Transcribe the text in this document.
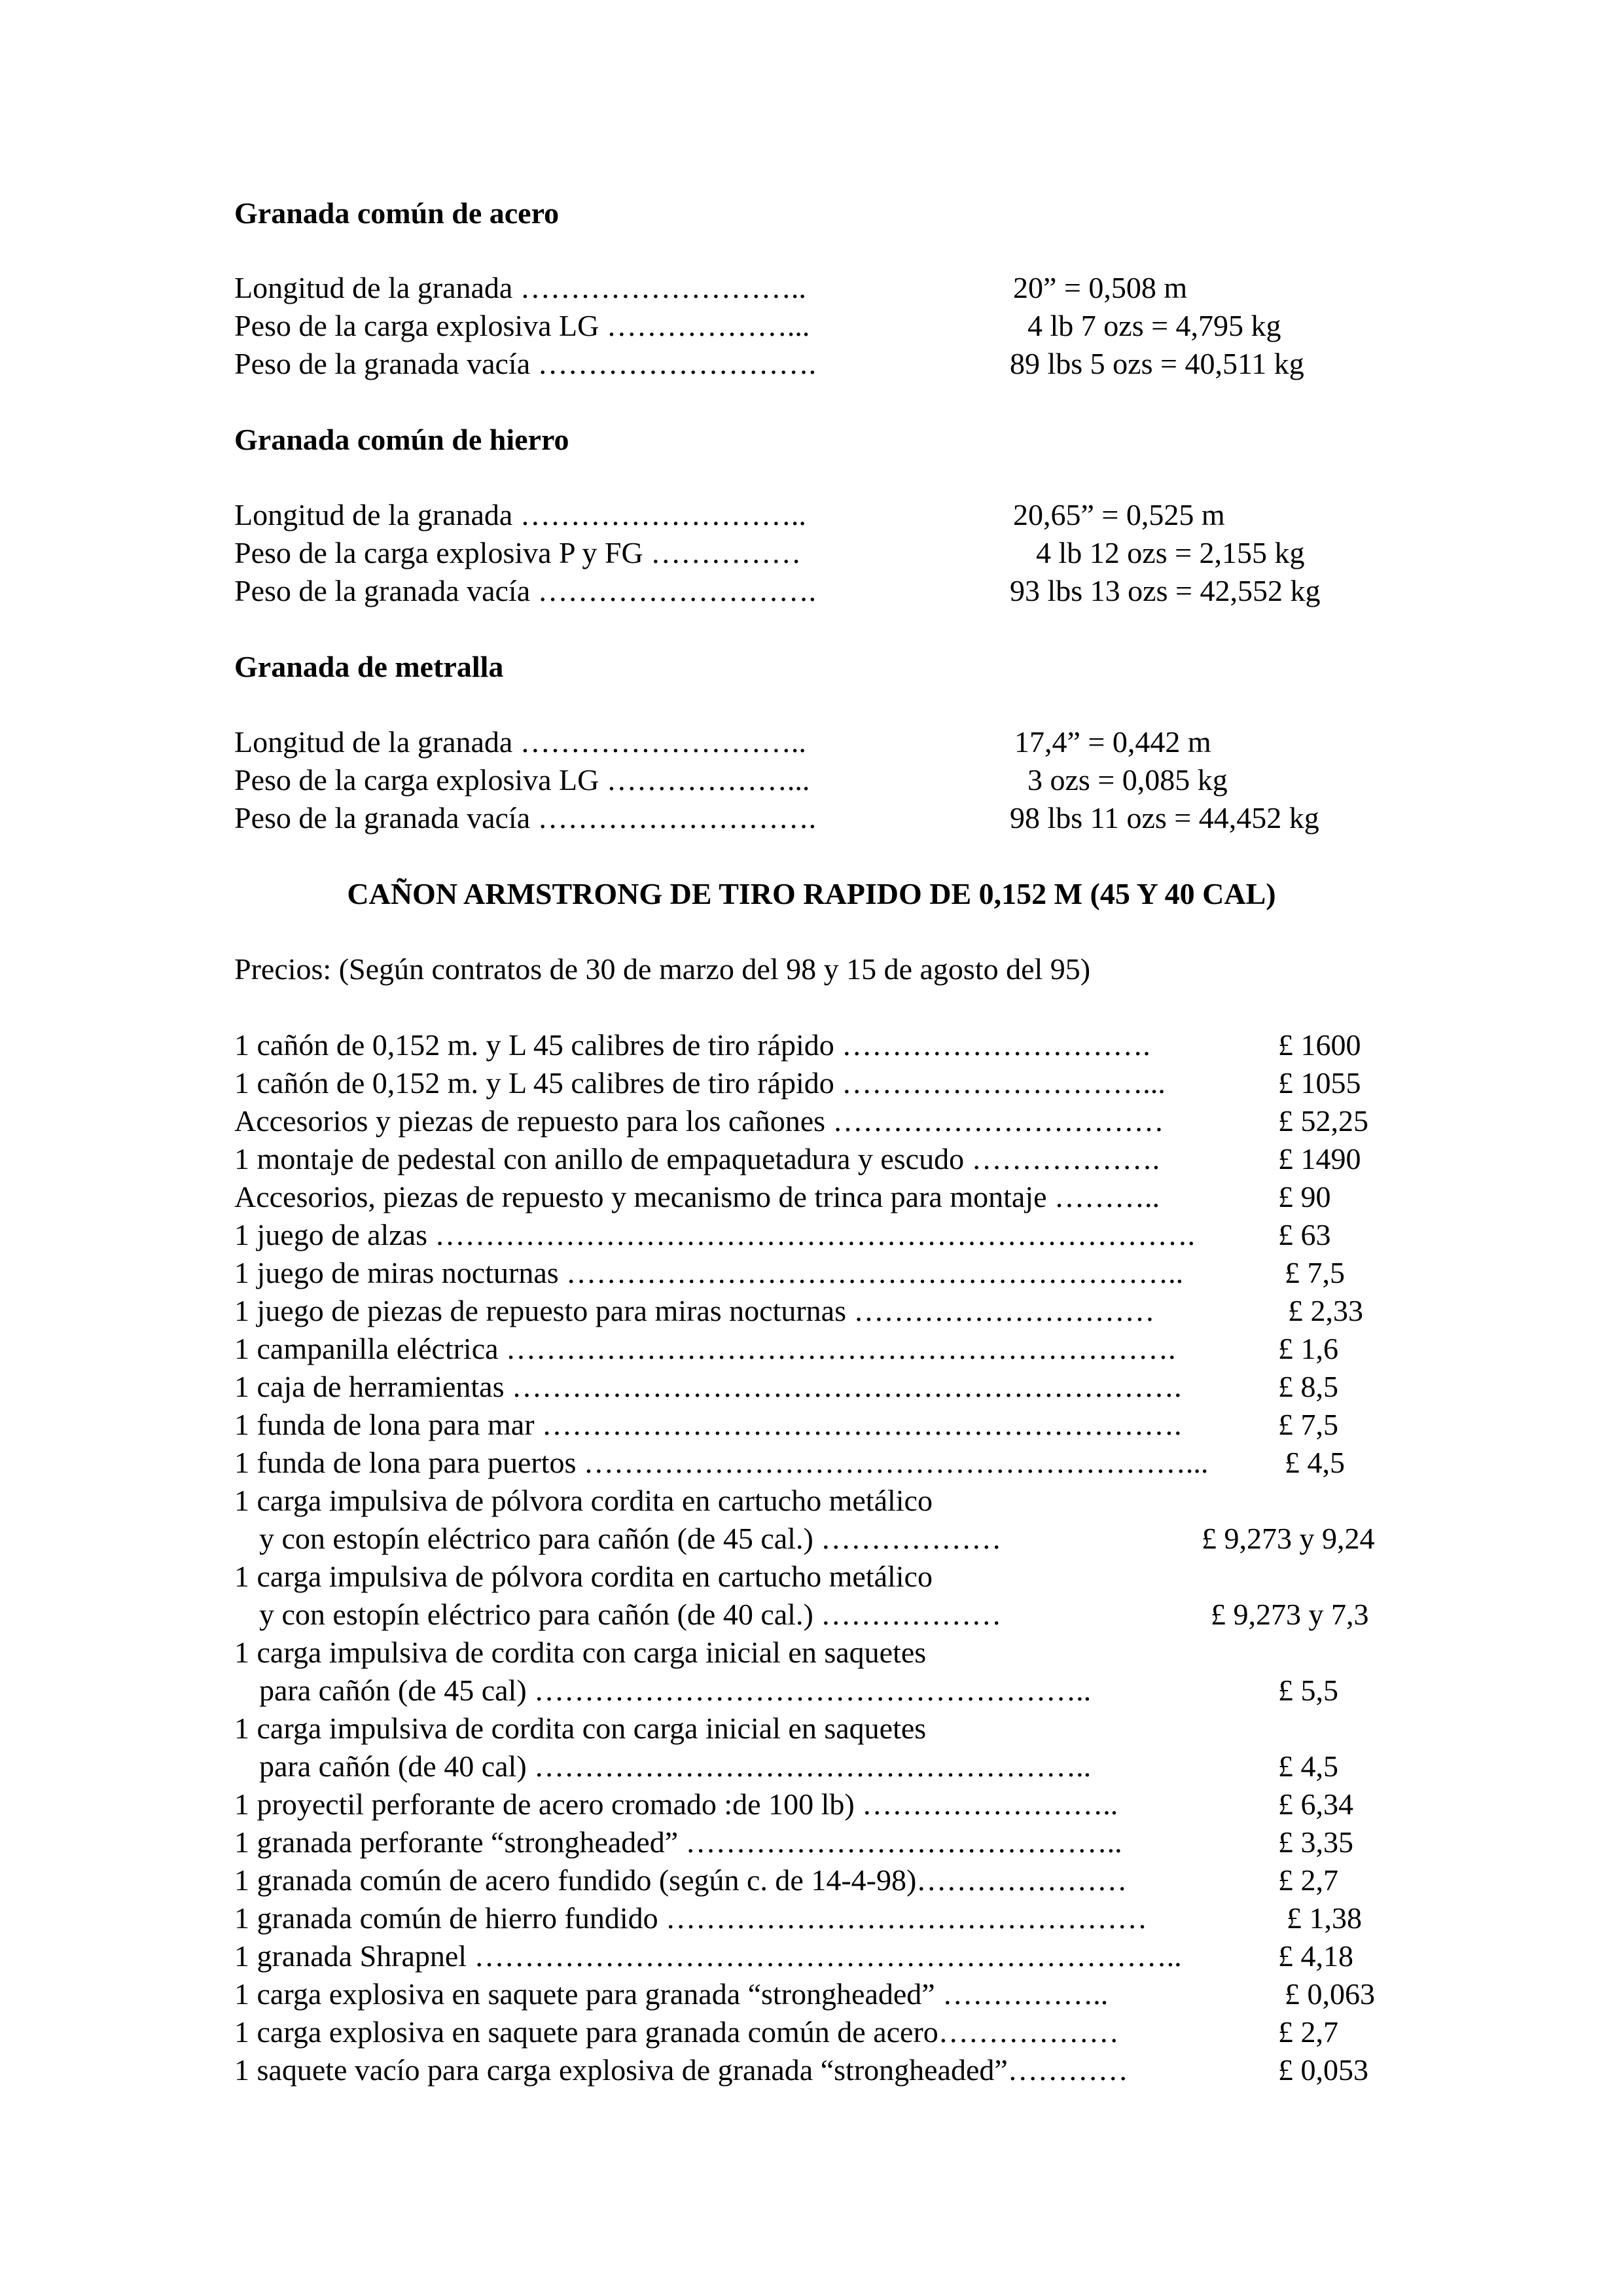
Granada común de acero
Longitud de la granada ………………………..	20” = 0,508 m
Peso de la carga explosiva LG ………………...	4 lb 7 ozs = 4,795 kg
Peso de la granada vacía ……………………….	89 lbs 5 ozs = 40,511 kg
Granada común de hierro
Longitud de la granada ………………………..	20,65” = 0,525 m
Peso de la carga explosiva P y FG ……………	4 lb 12 ozs = 2,155 kg
Peso de la granada vacía ……………………….	93 lbs 13 ozs = 42,552 kg
Granada de metralla
Longitud de la granada ………………………..	17,4” = 0,442 m
Peso de la carga explosiva LG ………………...	3 ozs = 0,085 kg
Peso de la granada vacía ……………………….	98 lbs 11 ozs = 44,452 kg
CAÑON ARMSTRONG DE TIRO RAPIDO DE 0,152 M (45 Y 40 CAL)
Precios: (Según contratos de 30 de marzo del 98 y 15 de agosto del 95)
1 cañón de 0,152 m. y L 45 calibres de tiro rápido ………………………….	£ 1600
1 cañón de 0,152 m. y L 45 calibres de tiro rápido …………………………...	£ 1055
Accesorios y piezas de repuesto para los cañones ……………………………	£ 52,25
1 montaje de pedestal con anillo de empaquetadura y escudo ……………….	£ 1490
Accesorios, piezas de repuesto y mecanismo de trinca para montaje ………..	£ 90
1 juego de alzas ………………………………………………………………….	£ 63
1 juego de miras nocturnas ……………………………………………………..	£ 7,5
1 juego de piezas de repuesto para miras nocturnas …………………………	£ 2,33
1 campanilla eléctrica ………………………………………………………….	£ 1,6
1 caja de herramientas ………………………………………………………….	£ 8,5
1 funda de lona para mar ……………………………………………………….	£ 7,5
1 funda de lona para puertos ……………………………………………………...	£ 4,5
1 carga impulsiva de pólvora cordita en cartucho metálico
y con estopín eléctrico para cañón (de 45 cal.) ………………	£ 9,273 y 9,24
1 carga impulsiva de pólvora cordita en cartucho metálico
y con estopín eléctrico para cañón (de 40 cal.) ………………	£ 9,273 y 7,3
1 carga impulsiva de cordita con carga inicial en saquetes
para cañón (de 45 cal) ………………………………………………..	£ 5,5
1 carga impulsiva de cordita con carga inicial en saquetes
para cañón (de 40 cal) ………………………………………………..	£ 4,5
1 proyectil perforante de acero cromado :de 100 lb) ……………………..	£ 6,34
1 granada perforante “strongheaded” ……………………………………..	£ 3,35
1 granada común de acero fundido (según c. de 14-4-98)…………………	£ 2,7
1 granada común de hierro fundido …………………………………………	£ 1,38
1 granada Shrapnel ……………………………………………………………..	£ 4,18
1 carga explosiva en saquete para granada “strongheaded” ……………..	£ 0,063
1 carga explosiva en saquete para granada común de acero………………	£ 2,7
1 saquete vacío para carga explosiva de granada “strongheaded”…………	£ 0,053
